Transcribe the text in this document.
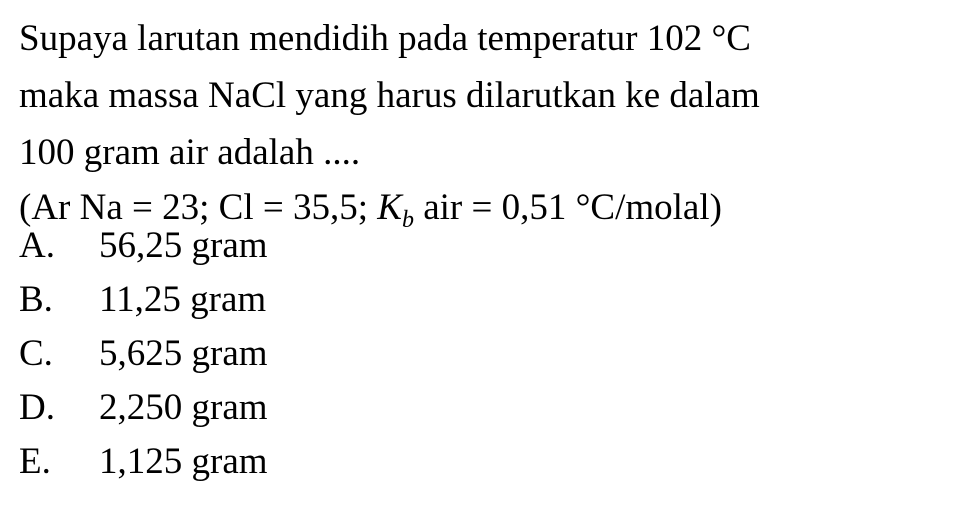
Supaya larutan mendidih pada temperatur 102 °C
maka massa NaCl yang harus dilarutkan ke dalam
100 gram air adalah ....
(Ar Na = 23; Cl = 35,5; $K_b$ air = 0,51 °C/molal)
A.	56,25 gram
B.	11,25 gram
C.	5,625 gram
D.	2,250 gram
E.	1,125 gram
